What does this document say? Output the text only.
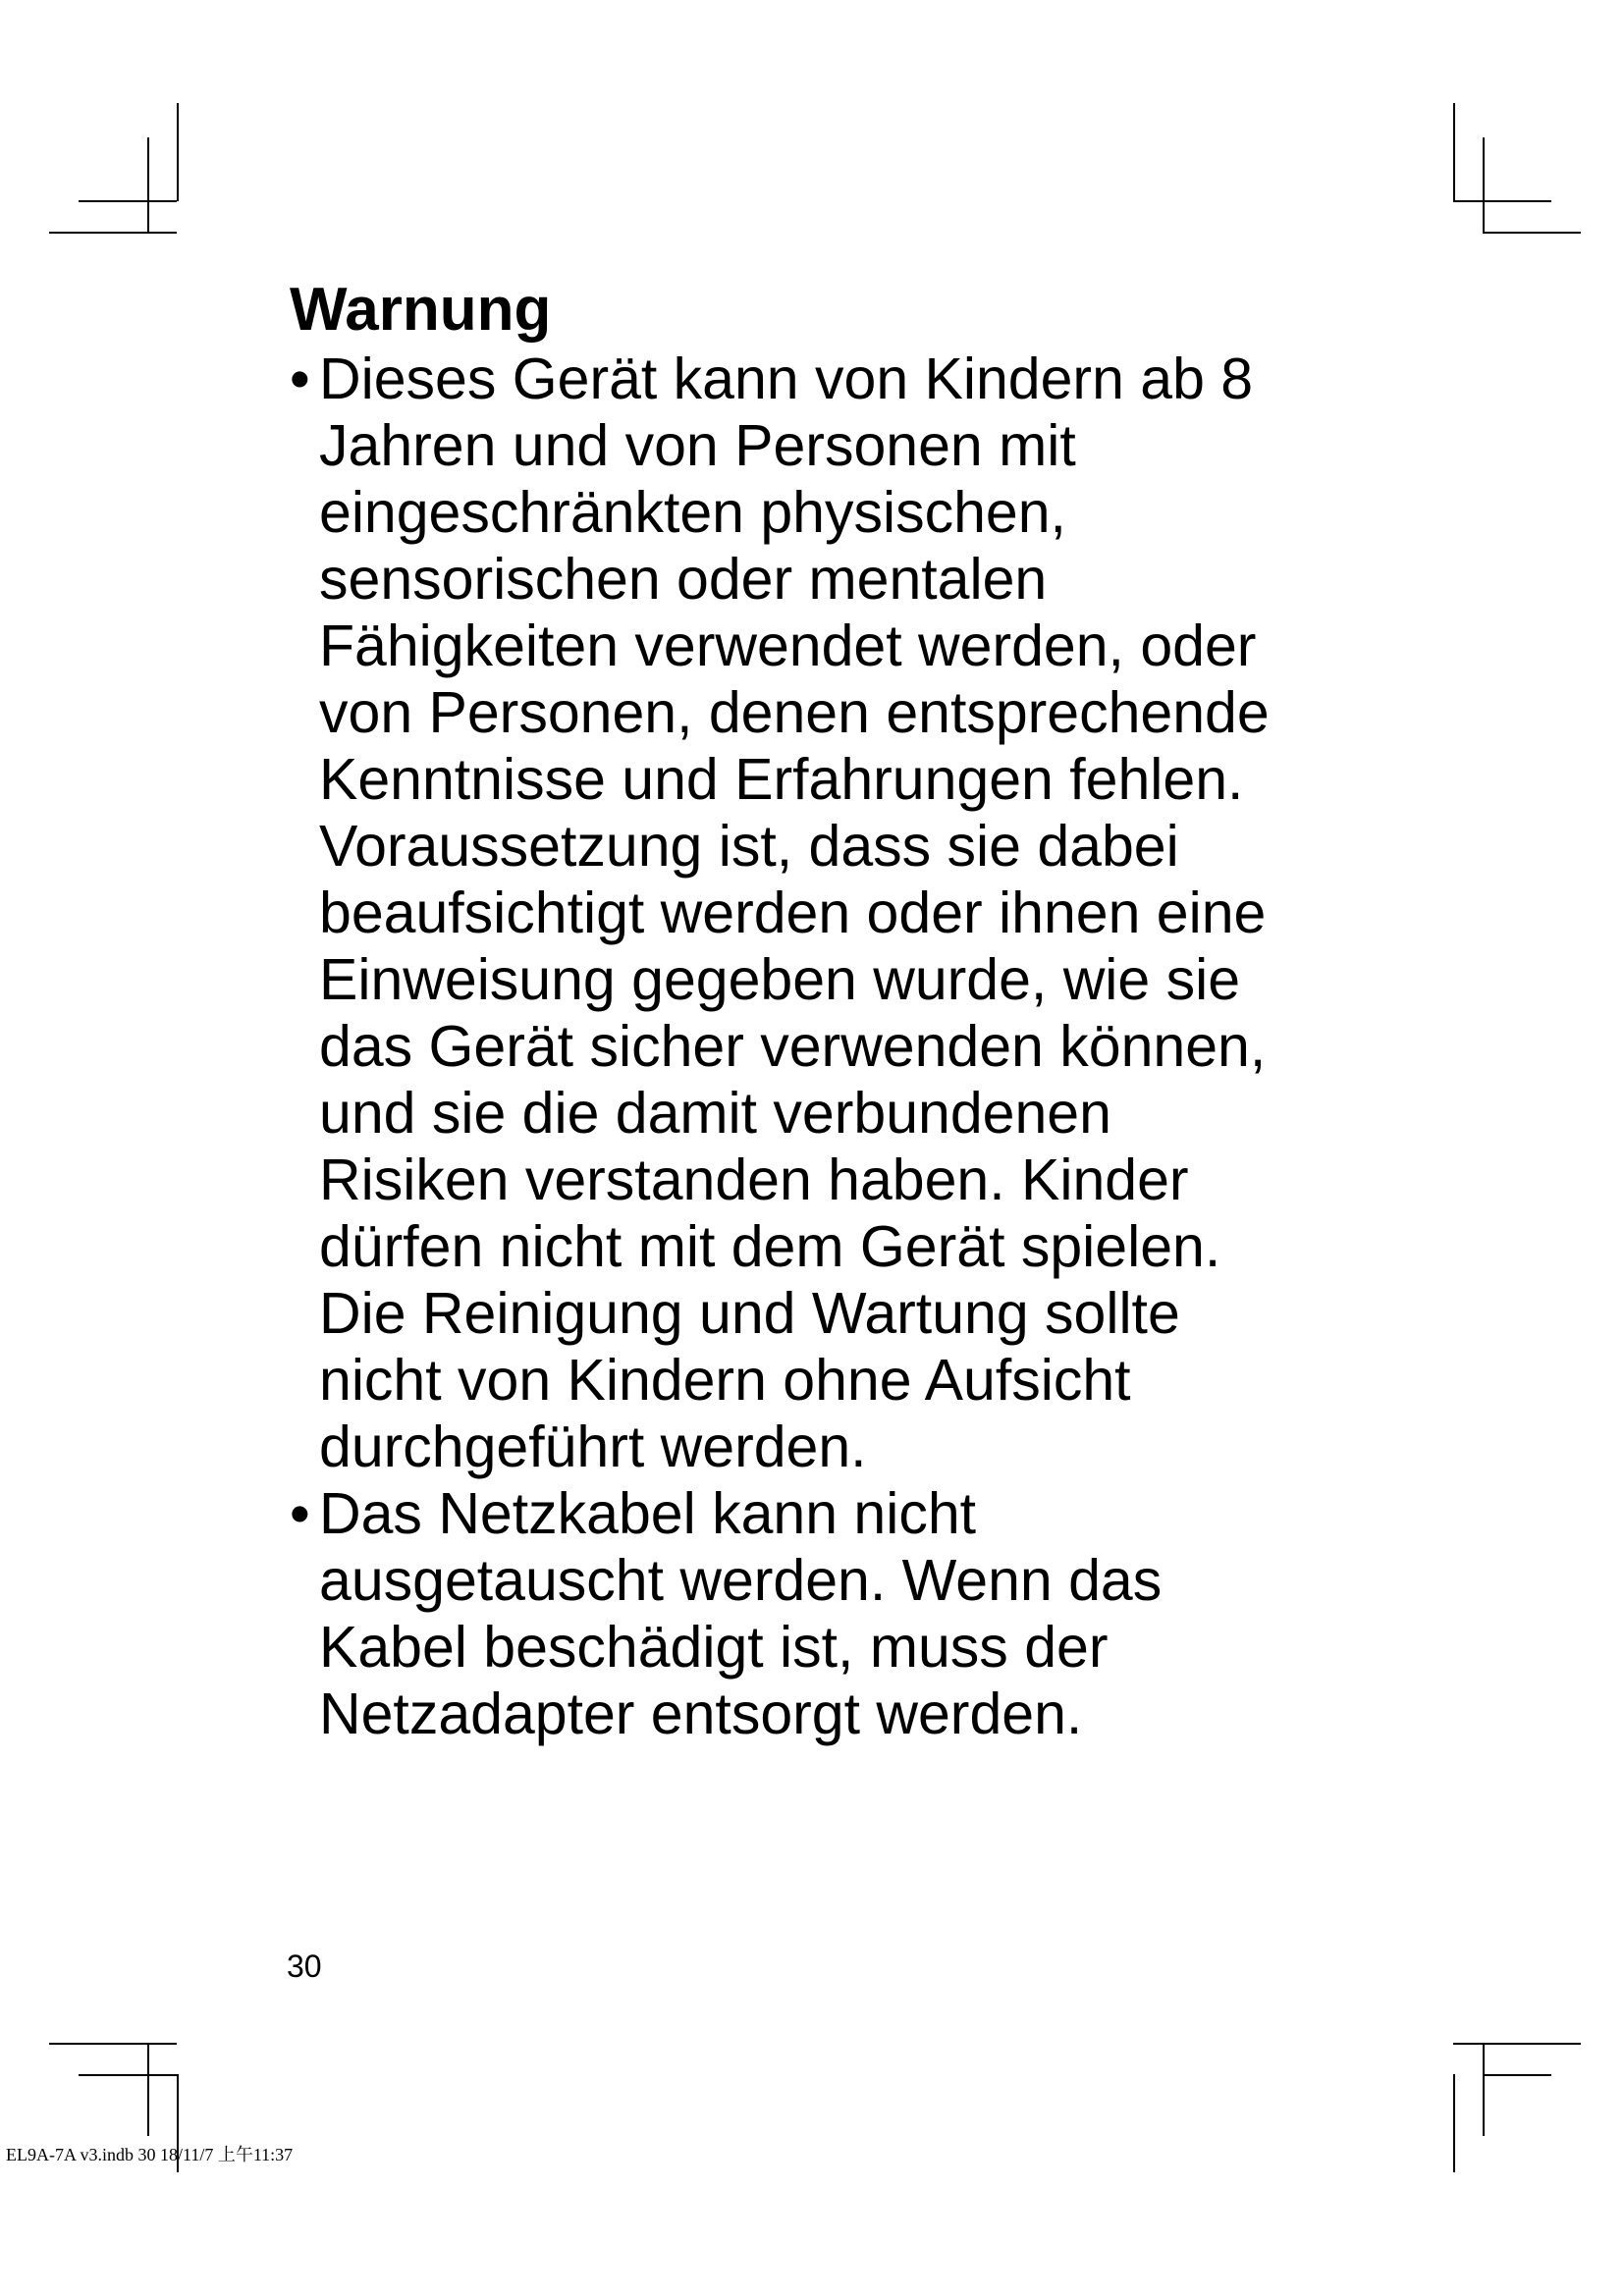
Warnung
• Dieses Gerät kann von Kindern ab 8
Jahren und von Personen mit
eingeschränkten physischen,
sensorischen oder mentalen
Fähigkeiten verwendet werden, oder
von Personen, denen entsprechende
Kenntnisse und Erfahrungen fehlen.
Voraussetzung ist, dass sie dabei
beaufsichtigt werden oder ihnen eine
Einweisung gegeben wurde, wie sie
das Gerät sicher verwenden können,
und sie die damit verbundenen
Risiken verstanden haben. Kinder
dürfen nicht mit dem Gerät spielen.
Die Reinigung und Wartung sollte
nicht von Kindern ohne Aufsicht
durchgeführt werden.
• Das Netzkabel kann nicht
ausgetauscht werden. Wenn das
Kabel beschädigt ist, muss der
Netzadapter entsorgt werden.
30
EL9A-7A v3.indb 30 18/11/7 上午11:37
